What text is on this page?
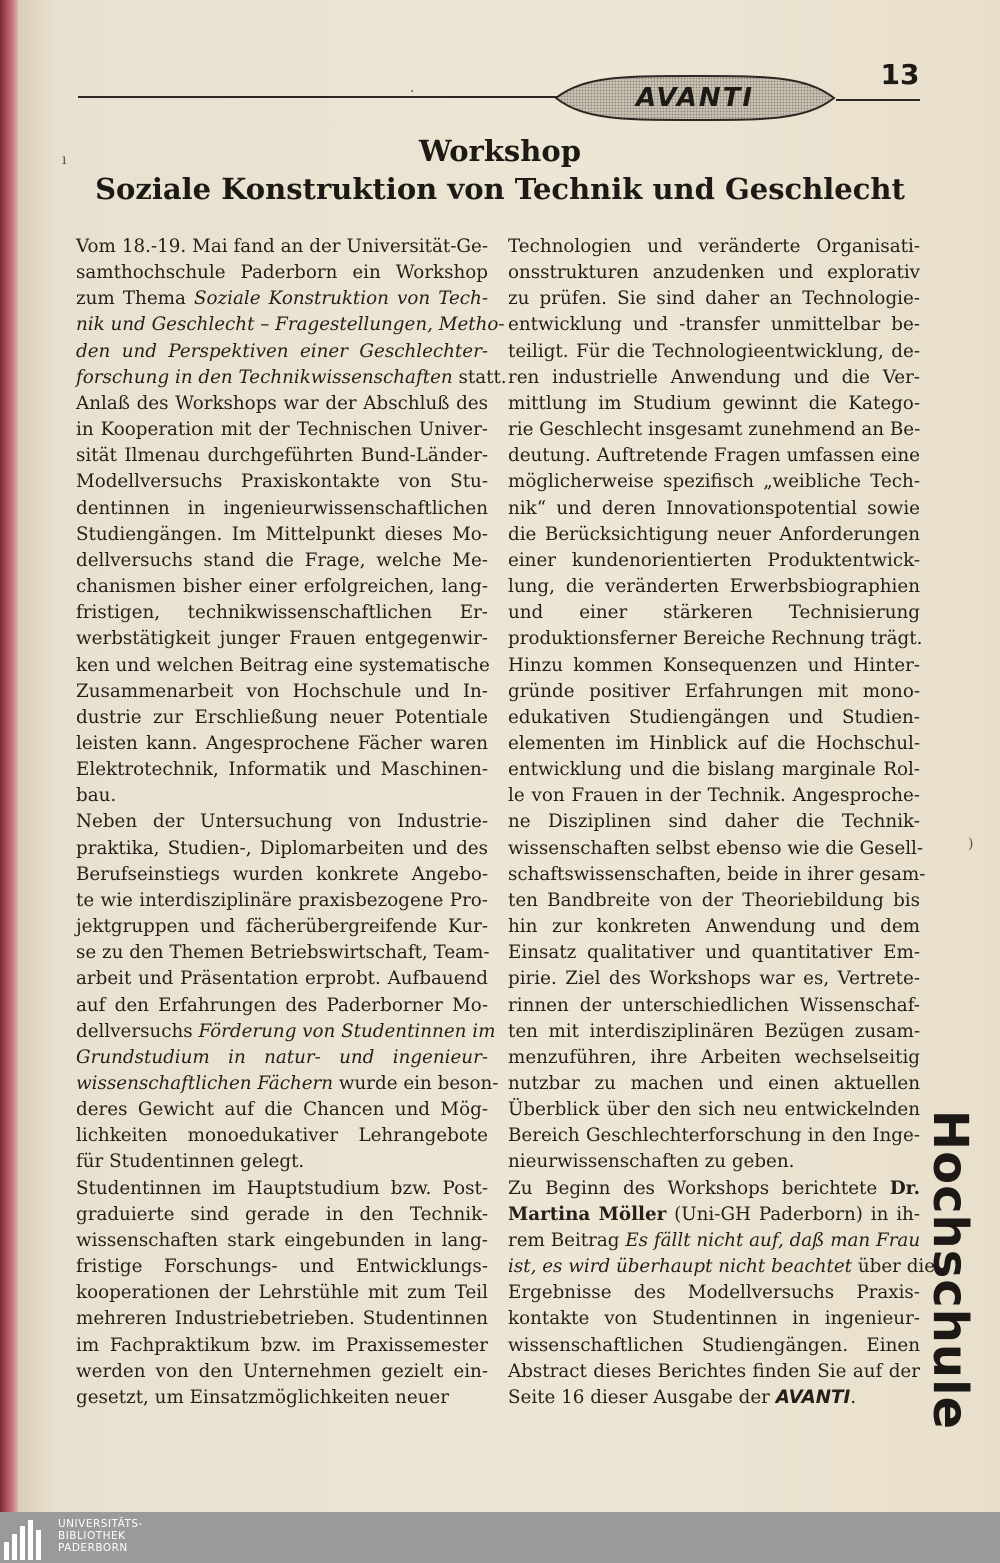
AVANTI
13
Workshop
Soziale Konstruktion von Technik und Geschlecht
Vom 18.-19. Mai fand an der Universität-Ge-
samthochschule Paderborn ein Workshop
zum Thema Soziale Konstruktion von Tech-
nik und Geschlecht – Fragestellungen, Metho-
den und Perspektiven einer Geschlechter-
forschung in den Technikwissenschaften statt.
Anlaß des Workshops war der Abschluß des
in Kooperation mit der Technischen Univer-
sität Ilmenau durchgeführten Bund-Länder-
Modellversuchs Praxiskontakte von Stu-
dentinnen in ingenieurwissenschaftlichen
Studiengängen. Im Mittelpunkt dieses Mo-
dellversuchs stand die Frage, welche Me-
chanismen bisher einer erfolgreichen, lang-
fristigen, technikwissenschaftlichen Er-
werbstätigkeit junger Frauen entgegenwir-
ken und welchen Beitrag eine systematische
Zusammenarbeit von Hochschule und In-
dustrie zur Erschließung neuer Potentiale
leisten kann. Angesprochene Fächer waren
Elektrotechnik, Informatik und Maschinen-
bau.
Neben der Untersuchung von Industrie-
praktika, Studien-, Diplomarbeiten und des
Berufseinstiegs wurden konkrete Angebo-
te wie interdisziplinäre praxisbezogene Pro-
jektgruppen und fächerübergreifende Kur-
se zu den Themen Betriebswirtschaft, Team-
arbeit und Präsentation erprobt. Aufbauend
auf den Erfahrungen des Paderborner Mo-
dellversuchs Förderung von Studentinnen im
Grundstudium in natur- und ingenieur-
wissenschaftlichen Fächern wurde ein beson-
deres Gewicht auf die Chancen und Mög-
lichkeiten monoedukativer Lehrangebote
für Studentinnen gelegt.
Studentinnen im Hauptstudium bzw. Post-
graduierte sind gerade in den Technik-
wissenschaften stark eingebunden in lang-
fristige Forschungs- und Entwicklungs-
kooperationen der Lehrstühle mit zum Teil
mehreren Industriebetrieben. Studentinnen
im Fachpraktikum bzw. im Praxissemester
werden von den Unternehmen gezielt ein-
gesetzt, um Einsatzmöglichkeiten neuer
Technologien und veränderte Organisati-
onsstrukturen anzudenken und explorativ
zu prüfen. Sie sind daher an Technologie-
entwicklung und -transfer unmittelbar be-
teiligt. Für die Technologieentwicklung, de-
ren industrielle Anwendung und die Ver-
mittlung im Studium gewinnt die Katego-
rie Geschlecht insgesamt zunehmend an Be-
deutung. Auftretende Fragen umfassen eine
möglicherweise spezifisch „weibliche Tech-
nik“ und deren Innovationspotential sowie
die Berücksichtigung neuer Anforderungen
einer kundenorientierten Produktentwick-
lung, die veränderten Erwerbsbiographien
und einer stärkeren Technisierung
produktionsferner Bereiche Rechnung trägt.
Hinzu kommen Konsequenzen und Hinter-
gründe positiver Erfahrungen mit mono-
edukativen Studiengängen und Studien-
elementen im Hinblick auf die Hochschul-
entwicklung und die bislang marginale Rol-
le von Frauen in der Technik. Angesproche-
ne Disziplinen sind daher die Technik-
wissenschaften selbst ebenso wie die Gesell-
schaftswissenschaften, beide in ihrer gesam-
ten Bandbreite von der Theoriebildung bis
hin zur konkreten Anwendung und dem
Einsatz qualitativer und quantitativer Em-
pirie. Ziel des Workshops war es, Vertrete-
rinnen der unterschiedlichen Wissenschaf-
ten mit interdisziplinären Bezügen zusam-
menzuführen, ihre Arbeiten wechselseitig
nutzbar zu machen und einen aktuellen
Überblick über den sich neu entwickelnden
Bereich Geschlechterforschung in den Inge-
nieurwissenschaften zu geben.
Zu Beginn des Workshops berichtete Dr.
Martina Möller (Uni-GH Paderborn) in ih-
rem Beitrag Es fällt nicht auf, daß man Frau
ist, es wird überhaupt nicht beachtet über die
Ergebnisse des Modellversuchs Praxis-
kontakte von Studentinnen in ingenieur-
wissenschaftlichen Studiengängen. Einen
Abstract dieses Berichtes finden Sie auf der
Seite 16 dieser Ausgabe der AVANTI.
ı
·
)
Hochschule
UNIVERSITÄTS-
BIBLIOTHEK
PADERBORN
